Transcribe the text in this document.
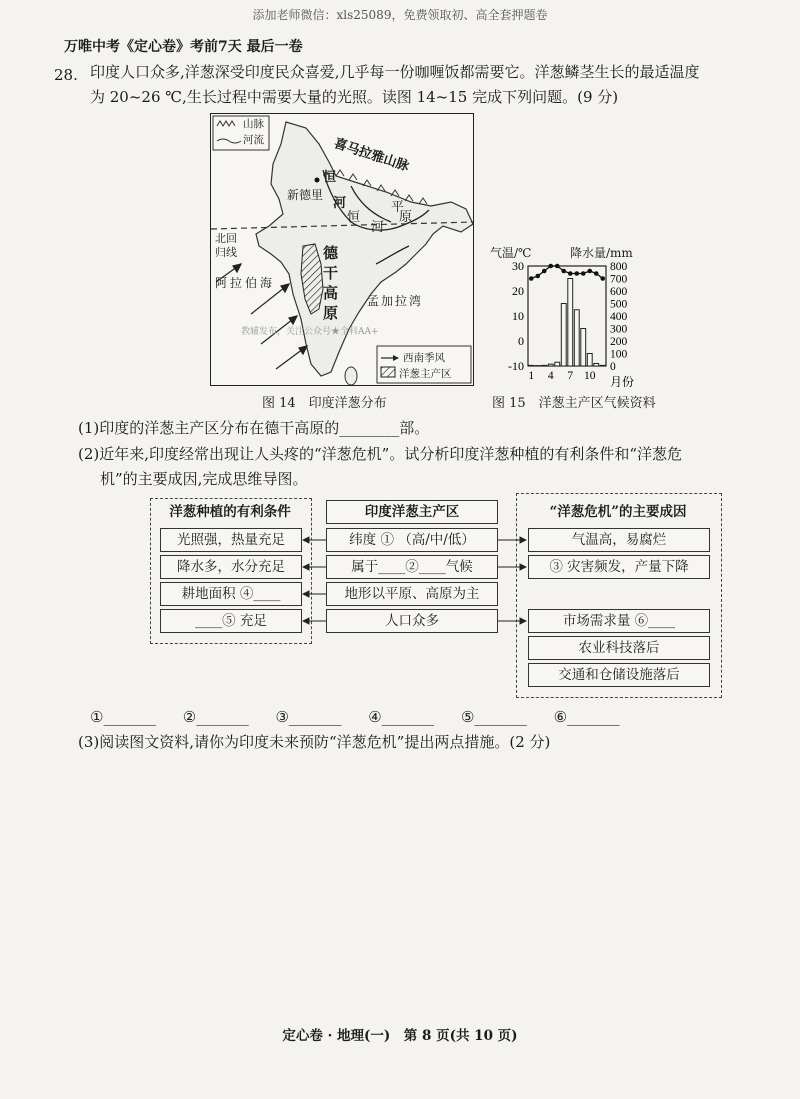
添加老师微信：xls25089，免费领取初、高全套押题卷
万唯中考《定心卷》考前7天 最后一卷
28. 印度人口众多,洋葱深受印度民众喜爱,几乎每一份咖喱饭都需要它。洋葱鳞茎生长的最适温度
为 20~26 ℃,生长过程中需要大量的光照。读图 14~15 完成下列问题。(9 分)
山脉
河流	喜马拉雅山脉
新德里
恒
河
恒
河
平
原
北回
归线	德
干
高
原
阿拉伯海
孟加拉湾
教辅发布，关注公众号★全科AA+
西南季风
洋葱主产区
图 14　印度洋葱分布
气温/℃	降水量/mm
30
20
10
0
-10
800
700
600
500
400
300
200
100
0
1 4 7 10 月份
图 15　洋葱主产区气候资料
(1)印度的洋葱主产区分布在德干高原的________部。
(2)近年来,印度经常出现让人头疼的“洋葱危机”。试分析印度洋葱种植的有利条件和“洋葱危
机”的主要成因,完成思维导图。
洋葱种植的有利条件
光照强，热量充足
降水多，水分充足
耕地面积 ④____
____⑤ 充足
印度洋葱主产区
纬度 ① （高/中/低）
属于____②____气候
地形以平原、高原为主
人口众多
“洋葱危机”的主要成因
气温高，易腐烂
③ 灾害频发，产量下降
市场需求量 ⑥____
农业科技落后
交通和仓储设施落后
①_______ ②_______ ③_______ ④_______ ⑤_______ ⑥_______
(3)阅读图文资料,请你为印度未来预防“洋葱危机”提出两点措施。(2 分)
定心卷 · 地理(一)　第 8 页(共 10 页)
